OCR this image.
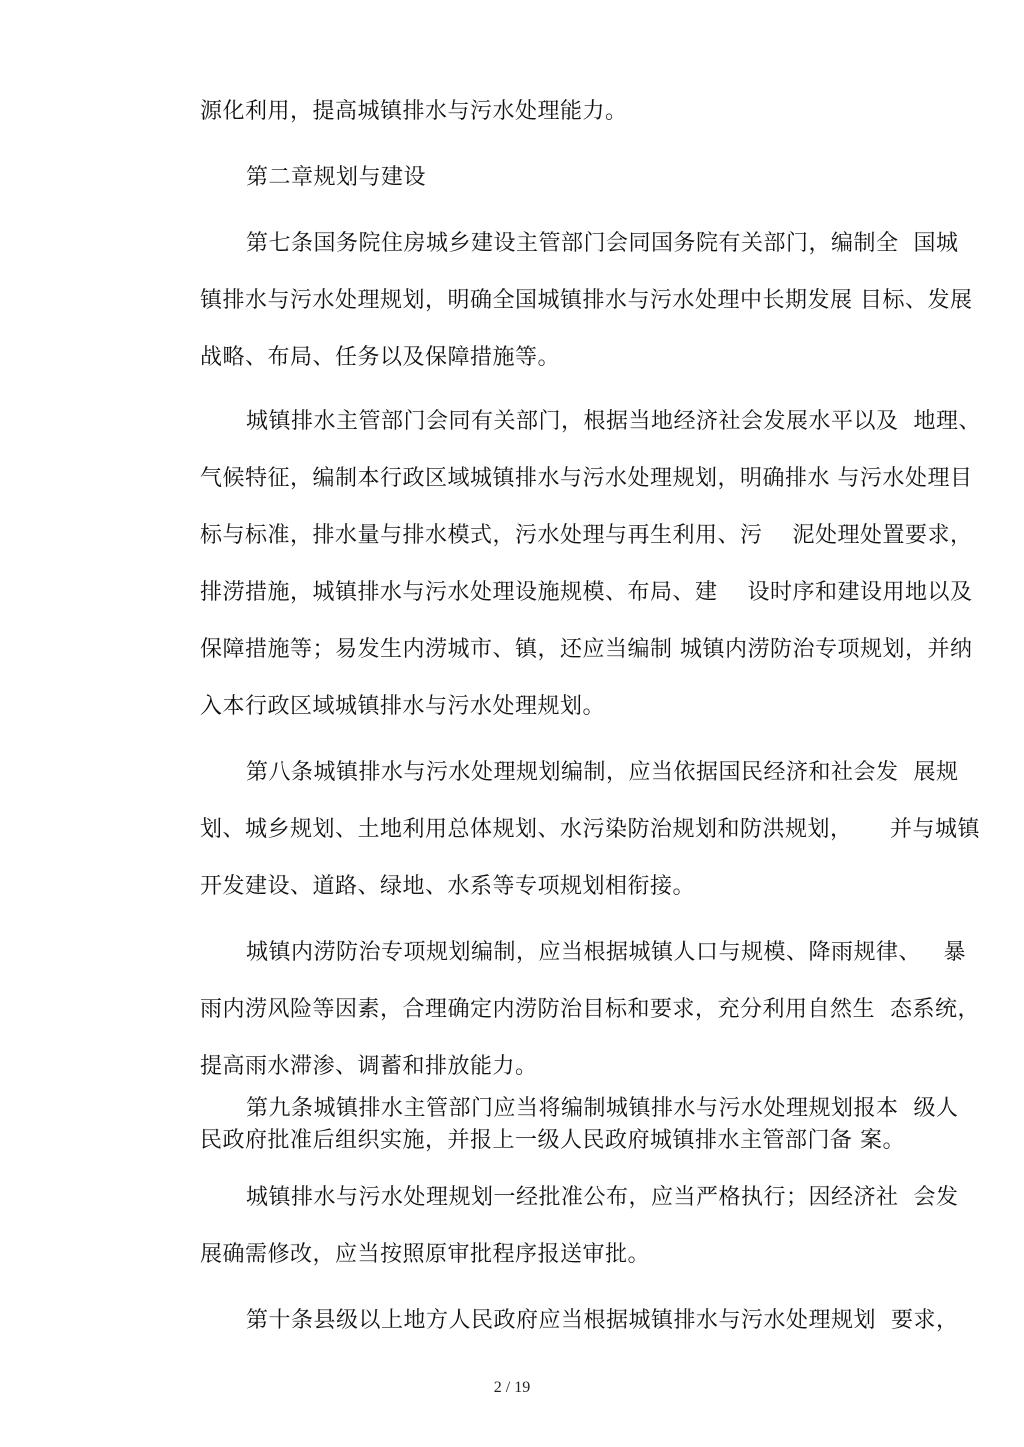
源化利用，提高城镇排水与污水处理能力。
第二章规划与建设
第七条国务院住房城乡建设主管部门会同国务院有关部门，编制全  国城
镇排水与污水处理规划，明确全国城镇排水与污水处理中长期发展 目标、发展
战略、布局、任务以及保障措施等。
城镇排水主管部门会同有关部门，根据当地经济社会发展水平以及  地理、
气候特征，编制本行政区域城镇排水与污水处理规划，明确排水 与污水处理目
标与标准，排水量与排水模式，污水处理与再生利用、污    泥处理处置要求，
排涝措施，城镇排水与污水处理设施规模、布局、建    设时序和建设用地以及
保障措施等；易发生内涝城市、镇，还应当编制 城镇内涝防治专项规划，并纳
入本行政区域城镇排水与污水处理规划。
第八条城镇排水与污水处理规划编制，应当依据国民经济和社会发  展规
划、城乡规划、土地利用总体规划、水污染防治规划和防洪规划，     并与城镇
开发建设、道路、绿地、水系等专项规划相衔接。
城镇内涝防治专项规划编制，应当根据城镇人口与规模、降雨规律、   暴
雨内涝风险等因素，合理确定内涝防治目标和要求，充分利用自然生  态系统，
提高雨水滞渗、调蓄和排放能力。
第九条城镇排水主管部门应当将编制城镇排水与污水处理规划报本  级人
民政府批准后组织实施，并报上一级人民政府城镇排水主管部门备 案。
城镇排水与污水处理规划一经批准公布，应当严格执行；因经济社  会发
展确需修改，应当按照原审批程序报送审批。
第十条县级以上地方人民政府应当根据城镇排水与污水处理规划  要求，
2 / 19
